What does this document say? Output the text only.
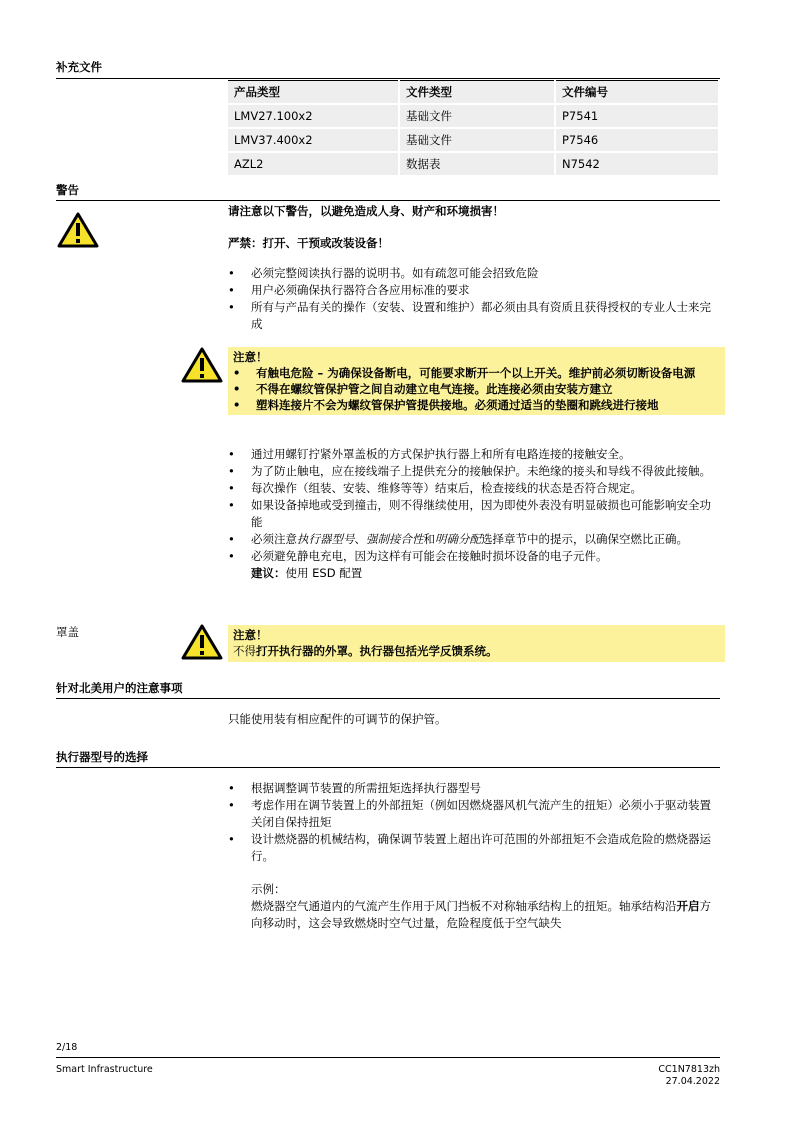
补充文件
产品类型	文件类型	文件编号
LMV27.100x2	基础文件	P7541
LMV37.400x2	基础文件	P7546
AZL2	数据表	N7542
警告
请注意以下警告，以避免造成人身、财产和环境损害！
严禁：打开、干预或改装设备！
• 必须完整阅读执行器的说明书。如有疏忽可能会招致危险
• 用户必须确保执行器符合各应用标准的要求
• 所有与产品有关的操作（安装、设置和维护）都必须由具有资质且获得授权的专业人士来完成
注意！
• 有触电危险 – 为确保设备断电，可能要求断开一个以上开关。维护前必须切断设备电源
• 不得在螺纹管保护管之间自动建立电气连接。此连接必须由安装方建立
• 塑料连接片不会为螺纹管保护管提供接地。必须通过适当的垫圈和跳线进行接地
• 通过用螺钉拧紧外罩盖板的方式保护执行器上和所有电路连接的接触安全。
• 为了防止触电，应在接线端子上提供充分的接触保护。未绝缘的接头和导线不得彼此接触。
• 每次操作（组装、安装、维修等等）结束后，检查接线的状态是否符合规定。
• 如果设备掉地或受到撞击，则不得继续使用，因为即使外表没有明显破损也可能影响安全功能
• 必须注意执行器型号、强制接合性和明确分配选择章节中的提示，以确保空燃比正确。
• 必须避免静电充电，因为这样有可能会在接触时损坏设备的电子元件。
建议：使用 ESD 配置
罩盖	注意！
不得打开执行器的外罩。执行器包括光学反馈系统。
针对北美用户的注意事项
只能使用装有相应配件的可调节的保护管。
执行器型号的选择
• 根据调整调节装置的所需扭矩选择执行器型号
• 考虑作用在调节装置上的外部扭矩（例如因燃烧器风机气流产生的扭矩）必须小于驱动装置关闭自保持扭矩
• 设计燃烧器的机械结构，确保调节装置上超出许可范围的外部扭矩不会造成危险的燃烧器运行。
示例：
燃烧器空气通道内的气流产生作用于风门挡板不对称轴承结构上的扭矩。轴承结构沿开启方向移动时，这会导致燃烧时空气过量，危险程度低于空气缺失
2/18
Smart Infrastructure	CC1N7813zh
27.04.2022
